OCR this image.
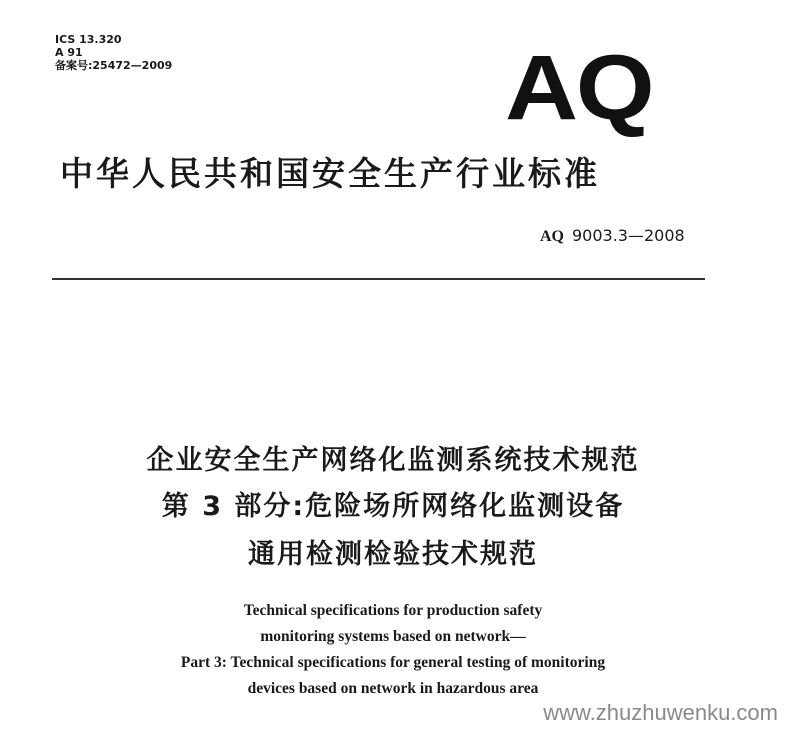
ICS 13.320
A 91
备案号:25472—2009	AQ
中华人民共和国安全生产行业标准
AQ 9003.3—2008
企业安全生产网络化监测系统技术规范
第 3 部分:危险场所网络化监测设备
通用检测检验技术规范
Technical specifications for production safety
monitoring systems based on network—
Part 3: Technical specifications for general testing of monitoring
devices based on network in hazardous area
www.zhuzhuwenku.com
